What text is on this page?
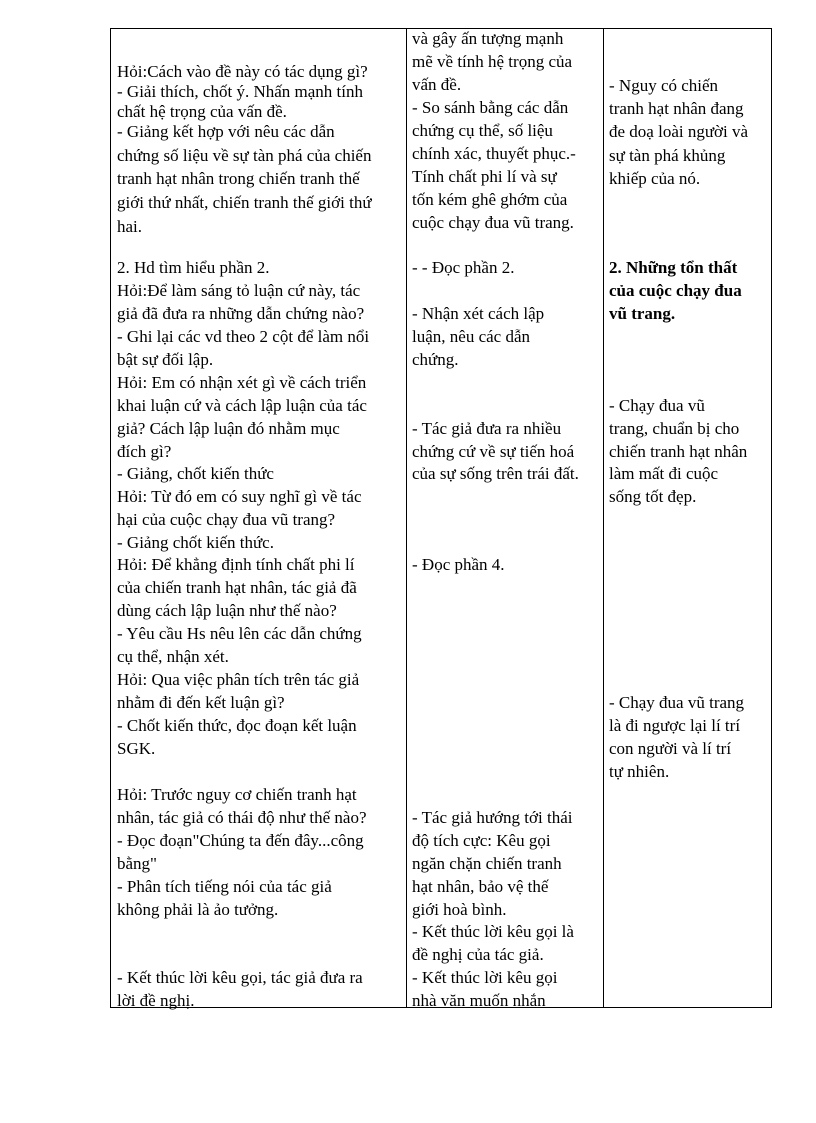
Hỏi:Cách vào đề này có tác dụng gì?
- Giải thích, chốt ý. Nhấn mạnh tính
chất hệ trọng của vấn đề.
- Giảng kết hợp với nêu các dẫn
chứng số liệu về sự tàn phá của chiến
tranh hạt nhân trong chiến tranh thế
giới thứ nhất, chiến tranh thế giới thứ
hai.
2. Hd tìm hiểu phần 2.
Hỏi:Để làm sáng tỏ luận cứ này, tác
giả đã đưa ra những dẫn chứng nào?
- Ghi lại các vd theo 2 cột để làm nổi
bật sự đối lập.
Hỏi: Em có nhận xét gì về cách triển
khai luận cứ và cách lập luận của tác
giả? Cách lập luận đó nhằm mục
đích gì?
- Giảng, chốt kiến thức
Hỏi: Từ đó em có suy nghĩ gì về tác
hại của cuộc chạy đua vũ trang?
- Giảng chốt kiến thức.
Hỏi: Để khẳng định tính chất phi lí
của chiến tranh hạt nhân, tác giả đã
dùng cách lập luận như thế nào?
- Yêu cầu Hs nêu lên các dẫn chứng
cụ thể, nhận xét.
Hỏi: Qua việc phân tích trên tác giả
nhằm đi đến kết luận gì?
- Chốt kiến thức, đọc đoạn kết luận
SGK.
Hỏi: Trước nguy cơ chiến tranh hạt
nhân, tác giả có thái độ như thế nào?
- Đọc đoạn"Chúng ta đến đây...công
bằng"
- Phân tích tiếng nói của tác giả
không phải là ảo tưởng.
- Kết thúc lời kêu gọi, tác giả đưa ra
lời đề nghị.
và gây ấn tượng mạnh
mẽ về tính hệ trọng của
vấn đề.
- So sánh bằng các dẫn
chứng cụ thể, số liệu
chính xác, thuyết phục.-
Tính chất phi lí và sự
tốn kém ghê ghớm của
cuộc chạy đua vũ trang.
- - Đọc phần 2.
- Nhận xét cách lập
luận, nêu các dẫn
chứng.
- Tác giả đưa ra nhiều
chứng cứ về sự tiến hoá
của sự sống trên trái đất.
- Đọc phần 4.
- Tác giả hướng tới thái
độ tích cực: Kêu gọi
ngăn chặn chiến tranh
hạt nhân, bảo vệ thế
giới hoà bình.
- Kết thúc lời kêu gọi là
đề nghị của tác giả.
- Kết thúc lời kêu gọi
nhà văn muốn nhắn
- Nguy có chiến
tranh hạt nhân đang
đe doạ loài người và
sự tàn phá khủng
khiếp của nó.
2. Những tổn thất
của cuộc chạy đua
vũ trang.
- Chạy đua vũ
trang, chuẩn bị cho
chiến tranh hạt nhân
làm mất đi cuộc
sống tốt đẹp.
- Chạy đua vũ trang
là đi ngược lại lí trí
con người và lí trí
tự nhiên.
